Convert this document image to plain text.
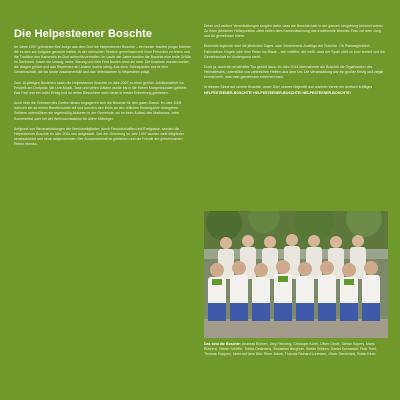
Die Helpesteener Boschte

Im Jahre 1997 gründeten fünf Jungs aus dem Dorf die Helpesteener Boschte – ein bunter Haufen junger Männer, die es sich zur Aufgabe gemacht hatten, in der närrischen Session gemeinsam mit ihren Freunden zu feiern und die Tradition des Karnevals im Dorf aufrechtzuerhalten. Im Laufe der Jahre wurden die Boschte eine feste Größe im Dorfleben. Kaum ein Umzug, keine Sitzung und kein Fest fanden ohne sie statt. Die Kostüme wurden bunter, die Wagen größer und das Repertoire an Liedern wuchs stetig. Aus einer Schnapsidee wurde eine Gemeinschaft, die bis heute zusammenhält und das Vereinsleben in Helpesteen prägt.

Zum 10-jährigen Bestehen luden die Helpesteener Boschte im Jahr 2007 zu einer großen Jubiläumsfeier ins Festzelt am Dorfplatz. Mit Live-Musik, Tanz und vielen Gästen wurde bis in die frühen Morgenstunden gefeiert. Das Fest war ein voller Erfolg und ist vielen Besuchern noch heute in bester Erinnerung geblieben.

Auch über die Grenzen des Dorfes hinaus engagieren sich die Boschte für den guten Zweck. Im Jahr 2005 nahmen sie an einem Benefizturnier teil und konnten den Erlös an den örtlichen Kindergarten übergeben. Seitdem unterstützen sie regelmäßig Aktionen in der Gemeinde, sei es beim Aufbau des Maibaums, beim Sommerfest oder bei der Weihnachtsaktion für ältere Mitbürger.

Aufgrund von Neuausrichtungen der Vereinsmitglieder, durch Freundschaften und Ereignisse, wurden die Helpesteener Boschte im Jahr 2011 neu aufgestellt. Seit der Gründung im Jahr 1997 wurden viele Mitglieder verabschiedet und neue aufgenommen. Der Zusammenhalt ist geblieben und die Freude am gemeinsamen Feiern ebenso.

Diese und weitere Veranstaltungen sorgten dafür, dass die Boschte bald in der ganzen Umgebung bekannt waren. Zu ihren jährlichen Höhepunkten zählt neben dem Karnevalsumzug das traditionelle Boschte-Fest, bei dem Jung und Alt gemeinsam feiern.

Ebenfalls legendär sind die jährlichen Tages- oder Wochenend-Ausflüge der Boschte. Ob Planwagenfahrt, Fahrradtour, Kegeln oder eine Reise ins Blaue – wer mitfährt, der weiß, dass der Spaß nicht zu kurz kommt und die Gemeinschaft im Vordergrund steht.

Doch ja, auch ein ernsthafter Ton gehört dazu: Im Jahr 2014 übernahmen die Boschte die Organisation des Heimatfestes, unterstützt von zahlreichen Helfern aus dem Ort. Die Veranstaltung war ein großer Erfolg und zeigte einmal mehr, was man gemeinsam erreichen kann.

In diesem Sinne auf unsere Boschte, unser Dorf, unsere Majestät und unseren Verein ein dreifach kräftiges HELPESTEENER-BOSCHTE! HELPESTEENER-BOSCHTE! HELPESTEENER-BOSCHTE!

Das sind die Boschte: Andreas Bühren, Jörg Feinberg, Christoph Kürth, Oliver Grolle, Stefan Küpers, Mario Bührens, Stefan Schiffer, Tobias Dederichs, Sebastian Bergholz, Stefan Bühren, Daniel Kurzawski, Felix Theil, Thomas Küppers, Nicht auf dem Bild: Rene Jakob, Thomas Richard Lorenzen, Oliver Sembritzki, Robin Kirch.
